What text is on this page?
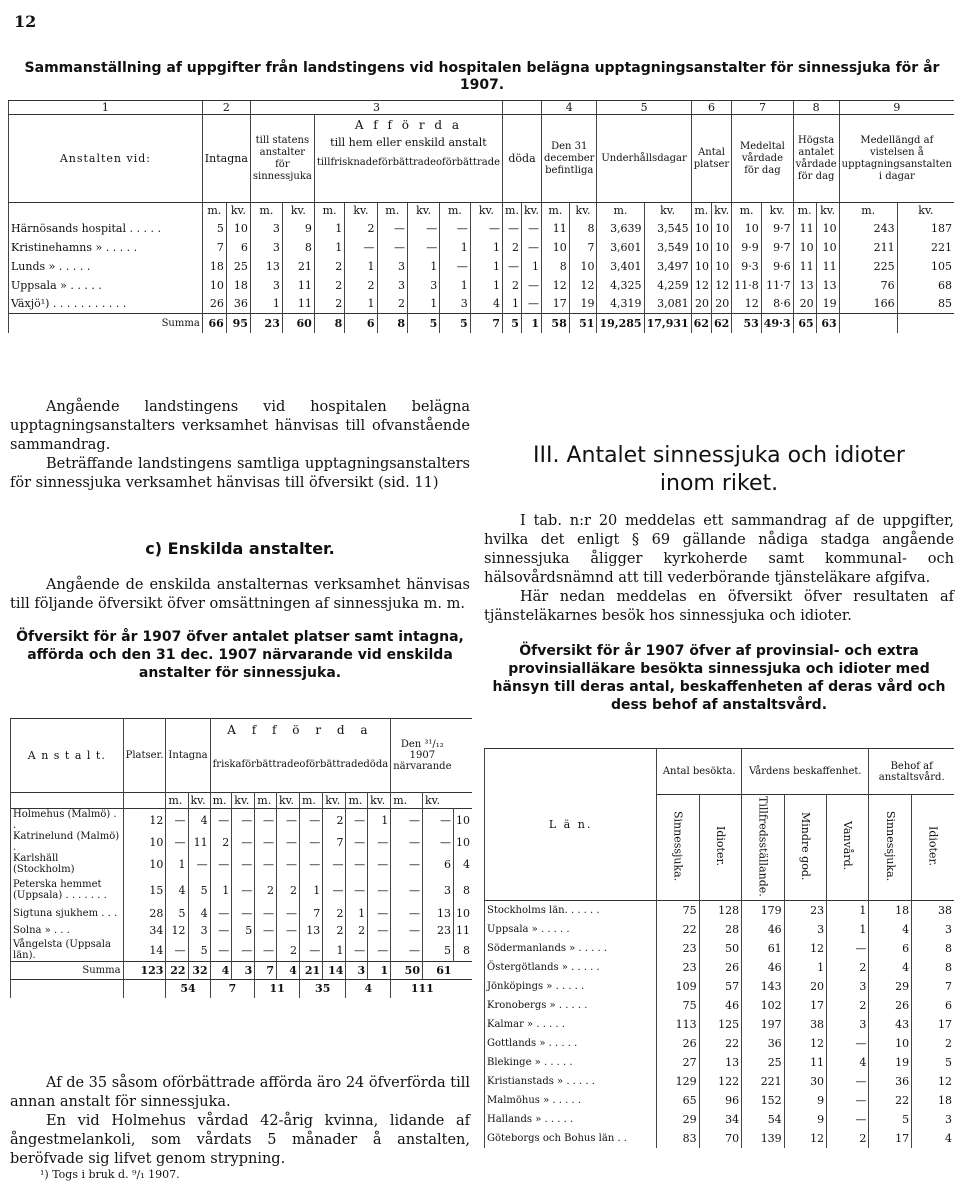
12
Sammanställning af uppgifter från landstingens vid hospitalen belägna upptagningsanstalter för sinnessjuka för år 1907.
1	2		3										4		5		6		7		8		9	
Anstalten vid:	Intagna		till statens anstalter för sinnessjuka		A f f ö r d a
till hem eller enskild anstalt
tillfrisknade förbättrade oförbättrade						döda		Den 31 december befintliga		Underhållsdagar		Antal platser		Medeltal vårdade för dag		Högsta antalet vårdade för dag		Medellängd af vistelsen å upptagningsanstalten i dagar	
	m.	kv.	m.	kv.	m.	kv.	m.	kv.	m.	kv.	m.	kv.	m.	kv.	m.	kv.	m.	kv.	m.	kv.	m.	kv.	m.	kv.
Härnösands hospital . . . . .	5	10	3	9	1	2	—	—	—	—	—	—	11	8	3,639	3,545	10	10	10	9·7	11	10	243	187
Kristinehamns » . . . . .	7	6	3	8	1	—	—	—	1	1	2	—	10	7	3,601	3,549	10	10	9·9	9·7	10	10	211	221
Lunds » . . . . .	18	25	13	21	2	1	3	1	—	1	—	1	8	10	3,401	3,497	10	10	9·3	9·6	11	11	225	105
Uppsala » . . . . .	10	18	3	11	2	2	3	3	1	1	2	—	12	12	4,325	4,259	12	12	11·8	11·7	13	13	76	68
Växjö¹) . . . . . . . . . . .	26	36	1	11	2	1	2	1	3	4	1	—	17	19	4,319	3,081	20	20	12	8·6	20	19	166	85
Summa	66	95	23	60	8	6	8	5	5	7	5	1	58	51	19,285	17,931	62	62	53	49·3	65	63		

Angående landstingens vid hospitalen belägna upptagningsanstalters verksamhet hänvisas till ofvanstående sammandrag.

Beträffande landstingens samtliga upptagningsanstalters för sinnessjuka verksamhet hänvisas till öfversikt (sid. 11)

c) Enskilda anstalter.

Angående de enskilda anstalternas verksamhet hänvisas till följande öfversikt öfver omsättningen af sinnessjuka m. m.

Öfversikt för år 1907 öfver antalet platser samt intagna, afförda och den 31 dec. 1907 närvarande vid enskilda anstalter för sinnessjuka.
A n s t a l t.	Platser.	Intagna		A f f ö r d a
friska förbättrade oförbättrade döda								Den ³¹/₁₂ 1907 närvarande		
		m.	kv.	m.	kv.	m.	kv.	m.	kv.	m.	kv.	m.	kv.	
Holmehus (Malmö) . .	12	—	4	—	—	—	—	—	2	—	1	—	—	10
Katrinelund (Malmö) .	10	—	11	2	—	—	—	—	7	—	—	—	—	10
Karlshäll (Stockholm)	10	1	—	—	—	—	—	—	—	—	—	—	6	4
Peterska hemmet (Uppsala) . . . . . . .	15	4	5	1	—	2	2	1	—	—	—	—	3	8
Sigtuna sjukhem . . .	28	5	4	—	—	—	—	7	2	1	—	—	13	10
Solna » . . .	34	12	3	—	5	—	—	13	2	2	—	—	23	11
Vångelsta (Uppsala län).	14	—	5	—	—	—	2	—	1	—	—	—	5	8
Summa	123	22	32	4	3	7	4	21	14	3	1	50	61	
		54		7		11		35		4		111		

Af de 35 såsom oförbättrade afförda äro 24 öfverförda till annan anstalt för sinnessjuka.

En vid Holmehus vårdad 42-årig kvinna, lidande af ångestmelankoli, som vårdats 5 månader å anstalten, beröfvade sig lifvet genom strypning.

¹) Togs i bruk d. ⁹/₁ 1907.
III. Antalet sinnessjuka och idioter inom riket.

I tab. n:r 20 meddelas ett sammandrag af de uppgifter, hvilka det enligt § 69 gällande nådiga stadga angående sinnessjuka åligger kyrkoherde samt kommunal- och hälsovårdsnämnd att till vederbörande tjänsteläkare afgifva.

Här nedan meddelas en öfversikt öfver resultaten af tjänsteläkarnes besök hos sinnessjuka och idioter.

Öfversikt för år 1907 öfver af provinsial- och extra provinsialläkare besökta sinnessjuka och idioter med hänsyn till deras antal, beskaffenheten af deras vård och dess behof af anstaltsvård.
L ä n.	Antal besökta.		Vårdens beskaffenhet.			Behof af anstaltsvård.	
	Sinnessjuka.	Idioter.	Tillfredsställande.	Mindre god.	Vanvård.	Sinnessjuka.	Idioter.
Stockholms län. . . . . .	75	128	179	23	1	18	38
Uppsala » . . . . .	22	28	46	3	1	4	3
Södermanlands » . . . . .	23	50	61	12	—	6	8
Östergötlands » . . . . .	23	26	46	1	2	4	8
Jönköpings » . . . . .	109	57	143	20	3	29	7
Kronobergs » . . . . .	75	46	102	17	2	26	6
Kalmar » . . . . .	113	125	197	38	3	43	17
Gottlands » . . . . .	26	22	36	12	—	10	2
Blekinge » . . . . .	27	13	25	11	4	19	5
Kristianstads » . . . . .	129	122	221	30	—	36	12
Malmöhus » . . . . .	65	96	152	9	—	22	18
Hallands » . . . . .	29	34	54	9	—	5	3
Göteborgs och Bohus län . .	83	70	139	12	2	17	4
